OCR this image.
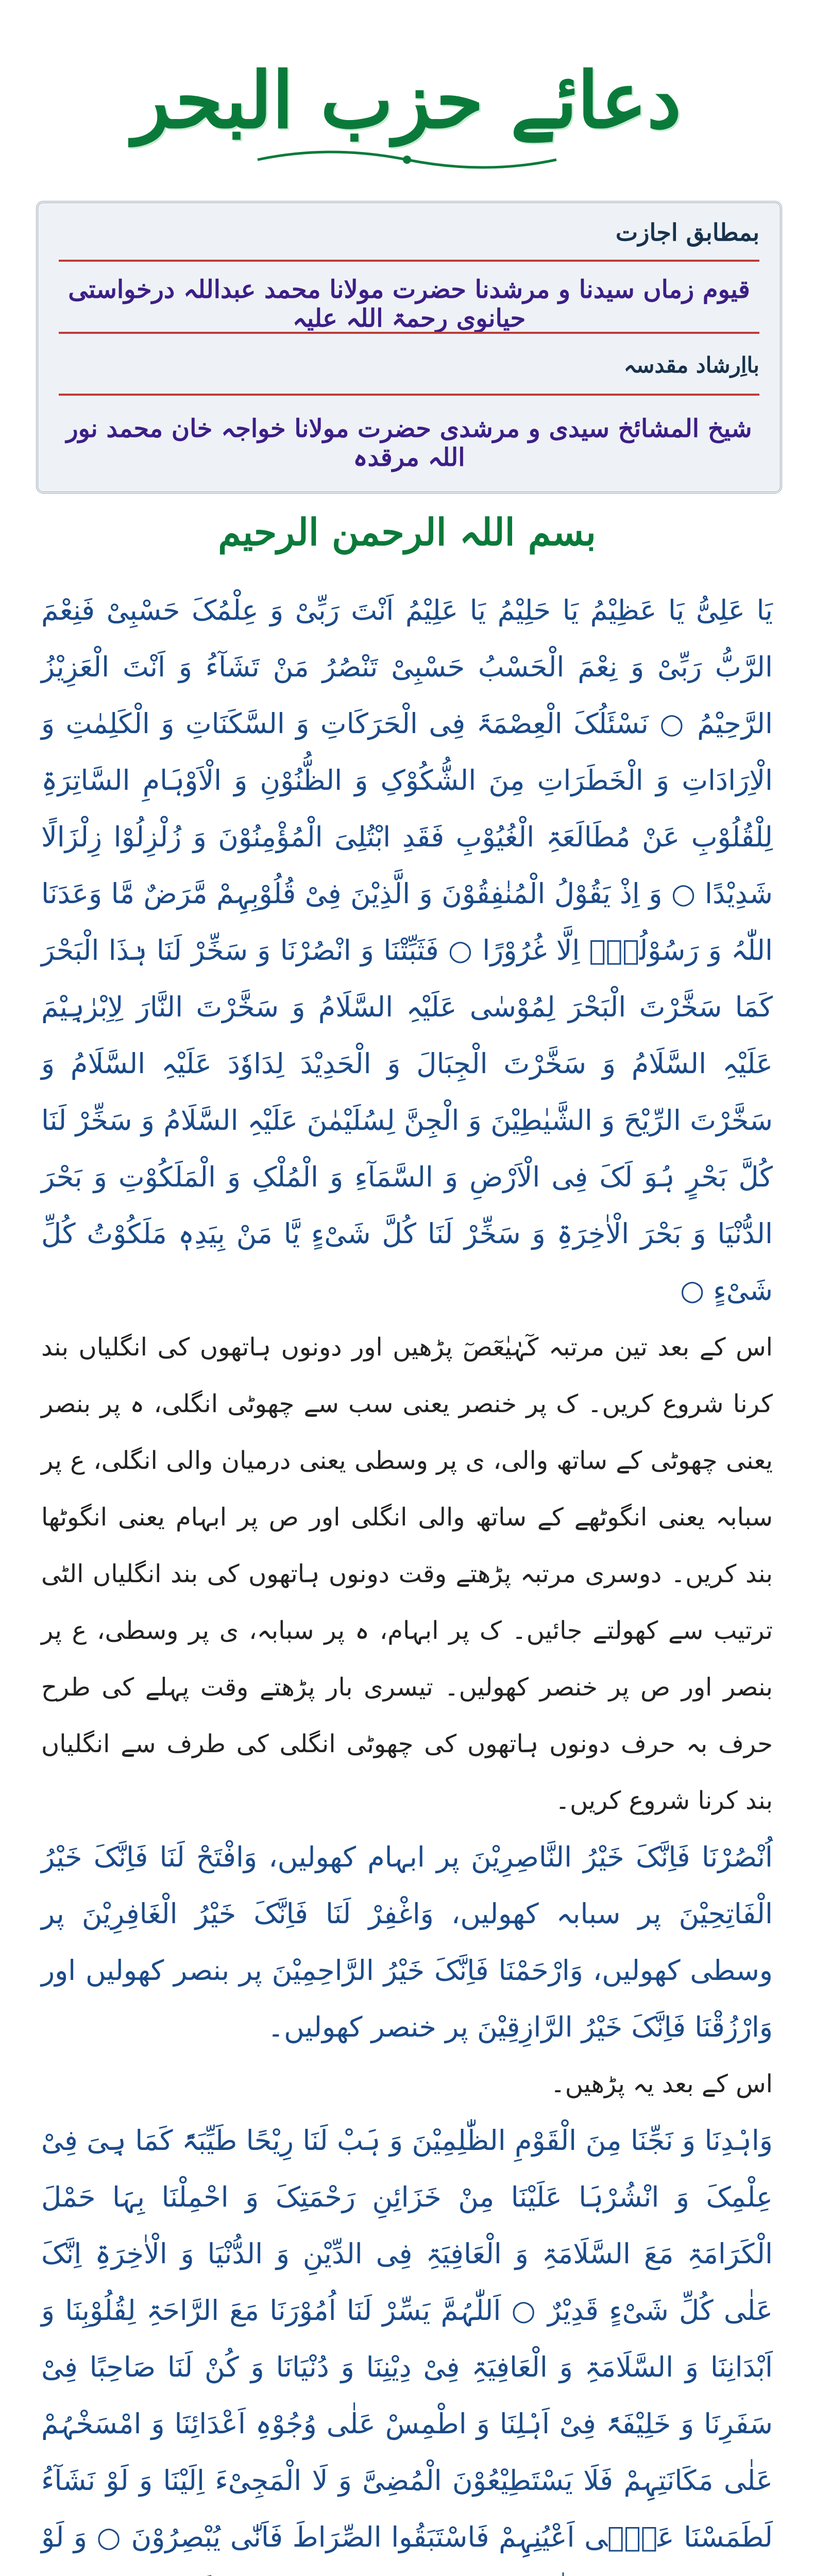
دعائے حزب البحر
بمطابق اجازت
قیوم زماں سیدنا و مرشدنا حضرت مولانا محمد عبداللہ درخواستی حیانوی رحمۃ اللہ علیہ
بااِرشاد مقدسہ
شیخ المشائخ سیدی و مرشدی حضرت مولانا خواجہ خان محمد نور اللہ مرقدہ
بسم اللہ الرحمن الرحیم

یَا عَلِیُّ یَا عَظِیْمُ یَا حَلِیْمُ یَا عَلِیْمُ اَنْتَ رَبِّیْ وَ عِلْمُکَ حَسْبِیْ فَنِعْمَ الرَّبُّ رَبِّیْ وَ نِعْمَ الْحَسْبُ حَسْبِیْ تَنْصُرُ مَنْ تَشَآءُ وَ اَنْتَ الْعَزِیْزُ الرَّحِیْمُ ○ نَسْئَلُکَ الْعِصْمَۃَ فِی الْحَرَکَاتِ وَ السَّکَنَاتِ وَ الْکَلِمٰتِ وَ الْاِرَادَاتِ وَ الْخَطَرَاتِ مِنَ الشُّکُوْکِ وَ الظُّنُوْنِ وَ الْاَوْہَامِ السَّاتِرَۃِ لِلْقُلُوْبِ عَنْ مُطَالَعَۃِ الْغُیُوْبِ فَقَدِ ابْتُلِیَ الْمُؤْمِنُوْنَ وَ زُلْزِلُوْا زِلْزَالًا شَدِیْدًا ○ وَ اِذْ یَقُوْلُ الْمُنٰفِقُوْنَ وَ الَّذِیْنَ فِیْ قُلُوْبِہِمْ مَّرَضٌ مَّا وَعَدَنَا اللّٰہُ وَ رَسُوْلُہٗۤ اِلَّا غُرُوْرًا ○ فَثَبِّتْنَا وَ انْصُرْنَا وَ سَخِّرْ لَنَا ہٰذَا الْبَحْرَ کَمَا سَخَّرْتَ الْبَحْرَ لِمُوْسٰی عَلَیْہِ السَّلَامُ وَ سَخَّرْتَ النَّارَ لِاِبْرٰہِیْمَ عَلَیْہِ السَّلَامُ وَ سَخَّرْتَ الْجِبَالَ وَ الْحَدِیْدَ لِدَاوٗدَ عَلَیْہِ السَّلَامُ وَ سَخَّرْتَ الرِّیْحَ وَ الشَّیٰطِیْنَ وَ الْجِنَّ لِسُلَیْمٰنَ عَلَیْہِ السَّلَامُ وَ سَخِّرْ لَنَا کُلَّ بَحْرٍ ہُوَ لَکَ فِی الْاَرْضِ وَ السَّمَآءِ وَ الْمُلْکِ وَ الْمَلَکُوْتِ وَ بَحْرَ الدُّنْیَا وَ بَحْرَ الْاٰخِرَۃِ وَ سَخِّرْ لَنَا کُلَّ شَیْءٍ یَّا مَنْ بِیَدِہٖ مَلَکُوْتُ کُلِّ شَیْءٍ ○

اس کے بعد تین مرتبہ کٓہٰیٰعٓصٓ پڑھیں اور دونوں ہاتھوں کی انگلیاں بند کرنا شروع کریں۔ ک پر خنصر یعنی سب سے چھوٹی انگلی، ہ پر بنصر یعنی چھوٹی کے ساتھ والی، ی پر وسطی یعنی درمیان والی انگلی، ع پر سبابہ یعنی انگوٹھے کے ساتھ والی انگلی اور ص پر ابہام یعنی انگوٹھا بند کریں۔ دوسری مرتبہ پڑھتے وقت دونوں ہاتھوں کی بند انگلیاں الٹی ترتیب سے کھولتے جائیں۔ ک پر ابہام، ہ پر سبابہ، ی پر وسطی، ع پر بنصر اور ص پر خنصر کھولیں۔ تیسری بار پڑھتے وقت پہلے کی طرح حرف بہ حرف دونوں ہاتھوں کی چھوٹی انگلی کی طرف سے انگلیاں بند کرنا شروع کریں۔

اُنْصُرْنَا فَاِنَّکَ خَیْرُ النَّاصِرِیْنَ پر ابہام کھولیں، وَافْتَحْ لَنَا فَاِنَّکَ خَیْرُ الْفَاتِحِیْنَ پر سبابہ کھولیں، وَاغْفِرْ لَنَا فَاِنَّکَ خَیْرُ الْغَافِرِیْنَ پر وسطی کھولیں، وَارْحَمْنَا فَاِنَّکَ خَیْرُ الرَّاحِمِیْنَ پر بنصر کھولیں اور وَارْزُقْنَا فَاِنَّکَ خَیْرُ الرَّازِقِیْنَ پر خنصر کھولیں۔

اس کے بعد یہ پڑھیں۔

وَاہْدِنَا وَ نَجِّنَا مِنَ الْقَوْمِ الظّٰلِمِیْنَ وَ ہَبْ لَنَا رِیْحًا طَیِّبَۃً کَمَا ہِیَ فِیْ عِلْمِکَ وَ انْشُرْہَا عَلَیْنَا مِنْ خَزَائِنِ رَحْمَتِکَ وَ احْمِلْنَا بِہَا حَمْلَ الْکَرَامَۃِ مَعَ السَّلَامَۃِ وَ الْعَافِیَۃِ فِی الدِّیْنِ وَ الدُّنْیَا وَ الْاٰخِرَۃِ اِنَّکَ عَلٰی کُلِّ شَیْءٍ قَدِیْرٌ ○ اَللّٰہُمَّ یَسِّرْ لَنَا اُمُوْرَنَا مَعَ الرَّاحَۃِ لِقُلُوْبِنَا وَ اَبْدَانِنَا وَ السَّلَامَۃِ وَ الْعَافِیَۃِ فِیْ دِیْنِنَا وَ دُنْیَانَا وَ کُنْ لَنَا صَاحِبًا فِیْ سَفَرِنَا وَ خَلِیْفَۃً فِیْ اَہْلِنَا وَ اطْمِسْ عَلٰی وُجُوْہِ اَعْدَائِنَا وَ امْسَخْہُمْ عَلٰی مَکَانَتِہِمْ فَلَا یَسْتَطِیْعُوْنَ الْمُضِیَّ وَ لَا الْمَجِیْءَ اِلَیْنَا وَ لَوْ نَشَآءُ لَطَمَسْنَا عَلٰۤی اَعْیُنِہِمْ فَاسْتَبَقُوا الصِّرَاطَ فَاَنّٰی یُبْصِرُوْنَ ○ وَ لَوْ
